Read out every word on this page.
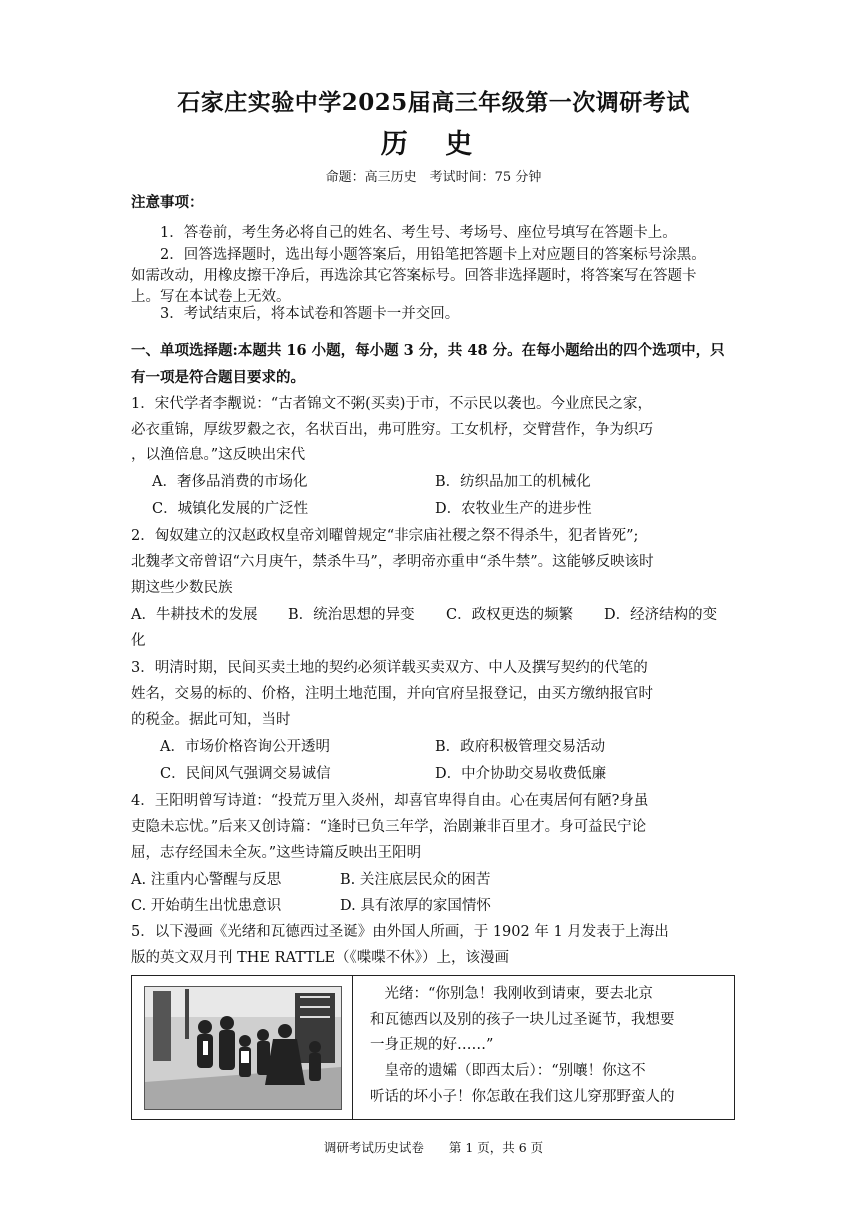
石家庄实验中学2025届高三年级第一次调研考试
历 史
命题：高三历史　考试时间：75 分钟
注意事项：
1．答卷前，考生务必将自己的姓名、考生号、考场号、座位号填写在答题卡上。
2．回答选择题时，选出每小题答案后，用铅笔把答题卡上对应题目的答案标号涂黑。
如需改动，用橡皮擦干净后，再选涂其它答案标号。回答非选择题时，将答案写在答题卡
上。写在本试卷上无效。
3．考试结束后，将本试卷和答题卡一并交回。
一、单项选择题:本题共 16 小题，每小题 3 分，共 48 分。在每小题给出的四个选项中，只
有一项是符合题目要求的。
1．宋代学者李觏说：“古者锦文不粥(买卖)于市，不示民以袭也。今业庶民之家，
必衣重锦，厚绂罗縠之衣，名状百出，弗可胜穷。工女机杼，交臂营作，争为织巧
，以渔倍息。”这反映出宋代
A．奢侈品消费的市场化	B．纺织品加工的机械化
C．城镇化发展的广泛性	D．农牧业生产的进步性
2．匈奴建立的汉赵政权皇帝刘曜曾规定“非宗庙社稷之祭不得杀牛，犯者皆死”;
北魏孝文帝曾诏“六月庚午，禁杀牛马”，孝明帝亦重申“杀牛禁”。这能够反映该时
期这些少数民族
A．牛耕技术的发展 B．统治思想的异变 C．政权更迭的频繁 D．经济结构的变
化
3．明清时期，民间买卖土地的契约必须详载买卖双方、中人及撰写契约的代笔的
姓名，交易的标的、价格，注明土地范围，并向官府呈报登记，由买方缴纳报官时
的税金。据此可知，当时
A．市场价格咨询公开透明	B．政府积极管理交易活动
C．民间风气强调交易诚信	D．中介协助交易收费低廉
4．王阳明曾写诗道：“投荒万里入炎州，却喜官卑得自由。心在夷居何有陋?身虽
吏隐未忘忧。”后来又创诗篇：“逢时已负三年学，治剧兼非百里才。身可益民宁论
屈，志存经国未全灰。”这些诗篇反映出王阳明
A. 注重内心警醒与反思	B. 关注底层民众的困苦
C. 开始萌生出忧患意识	D. 具有浓厚的家国情怀
5．以下漫画《光绪和瓦德西过圣诞》由外国人所画，于 1902 年 1 月发表于上海出
版的英文双月刊 THE RATTLE（《喋喋不休》）上，该漫画
　光绪：“你别急！我刚收到请柬，要去北京
和瓦德西以及别的孩子一块儿过圣诞节，我想要
一身正规的好……”
　皇帝的遗孀（即西太后）：“别嚷！你这不
听话的坏小子！你怎敢在我们这儿穿那野蛮人的
调研考试历史试卷　　第 1 页，共 6 页
